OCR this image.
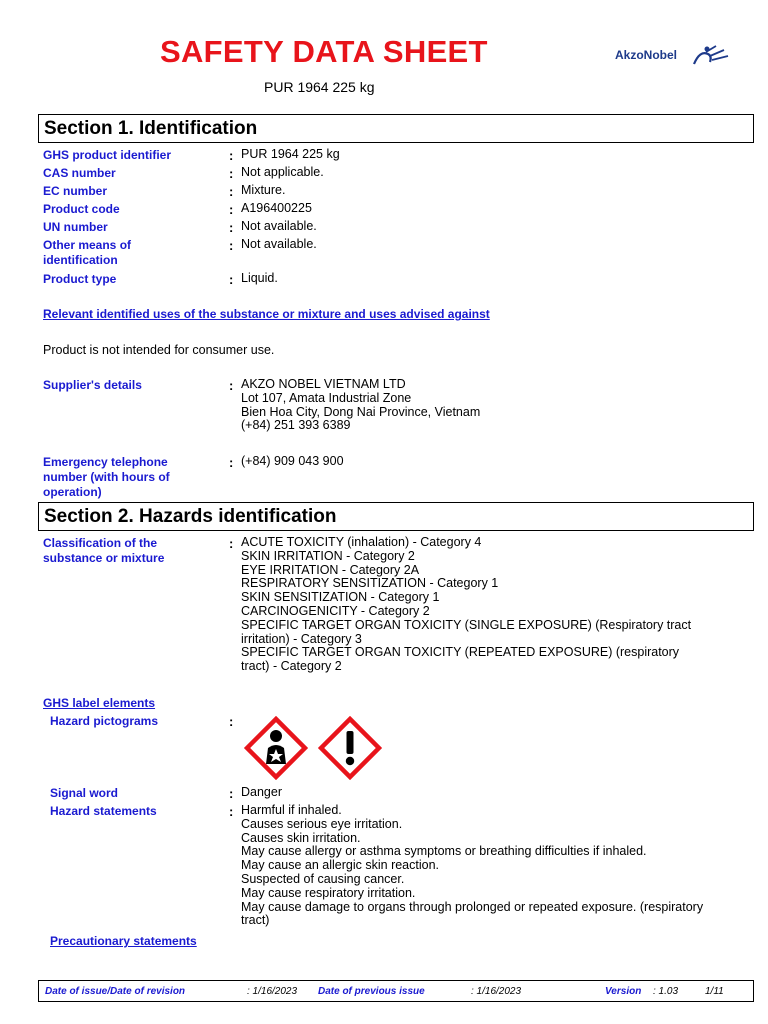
SAFETY DATA SHEET
PUR 1964 225 kg
AkzoNobel
Section 1. Identification
GHS product identifier	: PUR 1964 225 kg
CAS number	: Not applicable.
EC number	: Mixture.
Product code	: A196400225
UN number	: Not available.
Other means of
identification
: Not available.
Product type	: Liquid.
Relevant identified uses of the substance or mixture and uses advised against
Product is not intended for consumer use.
Supplier's details	: AKZO NOBEL VIETNAM LTD
Lot 107, Amata Industrial Zone
Bien Hoa City, Dong Nai Province, Vietnam
(+84) 251 393 6389
Emergency telephone
number (with hours of
operation)
: (+84) 909 043 900
Section 2. Hazards identification
Classification of the
substance or mixture
: ACUTE TOXICITY (inhalation) - Category 4
SKIN IRRITATION - Category 2
EYE IRRITATION - Category 2A
RESPIRATORY SENSITIZATION - Category 1
SKIN SENSITIZATION - Category 1
CARCINOGENICITY - Category 2
SPECIFIC TARGET ORGAN TOXICITY (SINGLE EXPOSURE) (Respiratory tract
irritation) - Category 3
SPECIFIC TARGET ORGAN TOXICITY (REPEATED EXPOSURE) (respiratory
tract) - Category 2
GHS label elements
Hazard pictograms	:
Signal word	: Danger
Hazard statements	: Harmful if inhaled.
Causes serious eye irritation.
Causes skin irritation.
May cause allergy or asthma symptoms or breathing difficulties if inhaled.
May cause an allergic skin reaction.
Suspected of causing cancer.
May cause respiratory irritation.
May cause damage to organs through prolonged or repeated exposure. (respiratory
tract)
Precautionary statements
Date of issue/Date of revision	: 1/16/2023 Date of previous issue	: 1/16/2023	Version : 1.03	1/11
